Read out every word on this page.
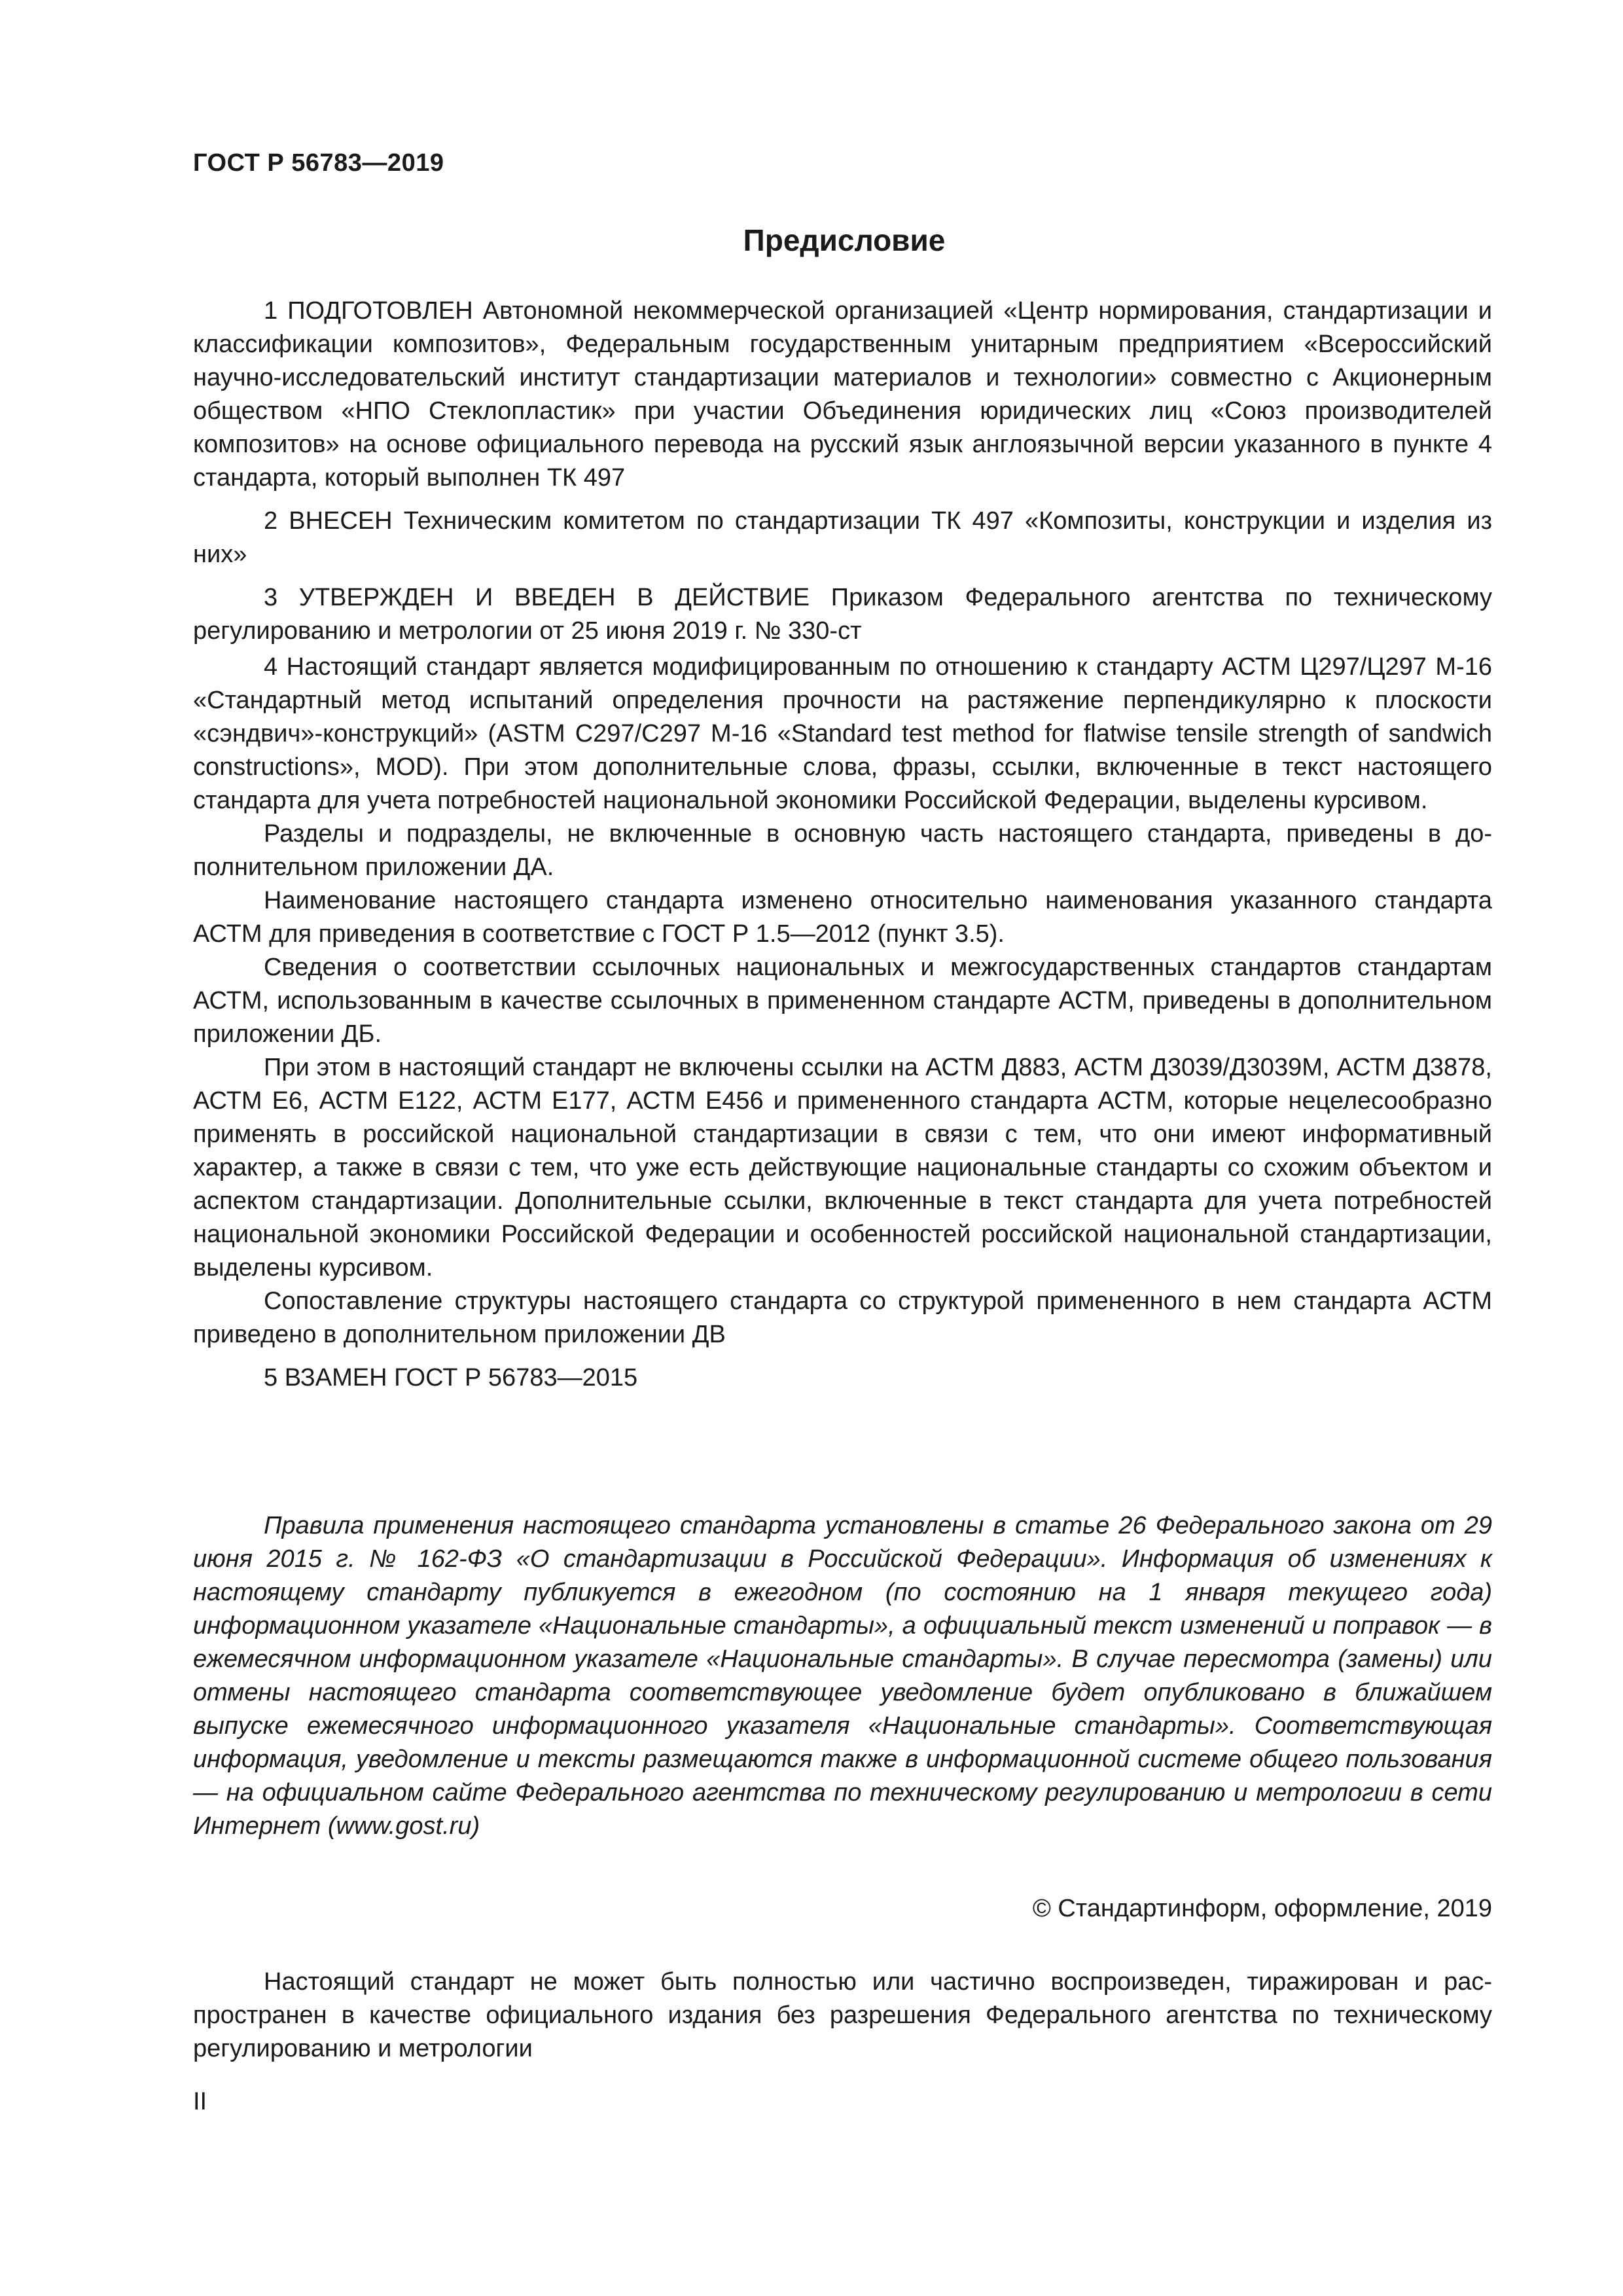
ГОСТ Р 56783—2019
Предисловие

1 ПОДГОТОВЛЕН Автономной некоммерческой организацией «Центр нормирования, стандартизации и классификации композитов», Федеральным государственным унитарным предприятием «Всероссийский научно-исследовательский институт стандартизации материалов и технологии» совместно с Акционерным обществом «НПО Стеклопластик» при участии Объединения юридических лиц «Союз производителей композитов» на основе официального перевода на русский язык англоязычной версии указанного в пункте 4 стандарта, который выполнен ТК 497

2 ВНЕСЕН Техническим комитетом по стандартизации ТК 497 «Композиты, конструкции и изделия из них»

3 УТВЕРЖДЕН И ВВЕДЕН В ДЕЙСТВИЕ Приказом Федерального агентства по техническому регулированию и метрологии от 25 июня 2019 г. № 330-ст

4 Настоящий стандарт является модифицированным по отношению к стандарту АСТМ Ц297/Ц297 М-16 «Стандартный метод испытаний определения прочности на растяжение перпендикулярно к плоскости «сэндвич»-конструкций» (ASTM C297/C297 M-16 «Standard test method for flatwise tensile strength of sandwich constructions», MOD). При этом дополнительные слова, фразы, ссылки, включенные в текст настоящего стандарта для учета потребностей национальной экономики Российской Федерации, выделены курсивом.

Разделы и подразделы, не включенные в основную часть настоящего стандарта, приведены в дополнительном приложении ДА.

Наименование настоящего стандарта изменено относительно наименования указанного стандарта АСТМ для приведения в соответствие с ГОСТ Р 1.5—2012 (пункт 3.5).

Сведения о соответствии ссылочных национальных и межгосударственных стандартов стандартам АСТМ, использованным в качестве ссылочных в примененном стандарте АСТМ, приведены в дополнительном приложении ДБ.

При этом в настоящий стандарт не включены ссылки на АСТМ Д883, АСТМ Д3039/Д3039М, АСТМ Д3878, АСТМ Е6, АСТМ Е122, АСТМ Е177, АСТМ Е456 и примененного стандарта АСТМ, которые нецелесообразно применять в российской национальной стандартизации в связи с тем, что они имеют информативный характер, а также в связи с тем, что уже есть действующие национальные стандарты со схожим объектом и аспектом стандартизации. Дополнительные ссылки, включенные в текст стандарта для учета потребностей национальной экономики Российской Федерации и особенностей российской национальной стандартизации, выделены курсивом.

Сопоставление структуры настоящего стандарта со структурой примененного в нем стандарта АСТМ приведено в дополнительном приложении ДВ

5 ВЗАМЕН ГОСТ Р 56783—2015

Правила применения настоящего стандарта установлены в статье 26 Федерального закона от 29 июня 2015 г. № 162-ФЗ «О стандартизации в Российской Федерации». Информация об изменениях к настоящему стандарту публикуется в ежегодном (по состоянию на 1 января текущего года) информационном указателе «Национальные стандарты», а официальный текст изменений и поправок — в ежемесячном информационном указателе «Национальные стандарты». В случае пересмотра (замены) или отмены настоящего стандарта соответствующее уведомление будет опубликовано в ближайшем выпуске ежемесячного информационного указателя «Национальные стандарты». Соответствующая информация, уведомление и тексты размещаются также в информационной системе общего пользования — на официальном сайте Федерального агентства по техническому регулированию и метрологии в сети Интернет (www.gost.ru)

© Стандартинформ, оформление, 2019

Настоящий стандарт не может быть полностью или частично воспроизведен, тиражирован и распространен в качестве официального издания без разрешения Федерального агентства по техническому регулированию и метрологии

II
